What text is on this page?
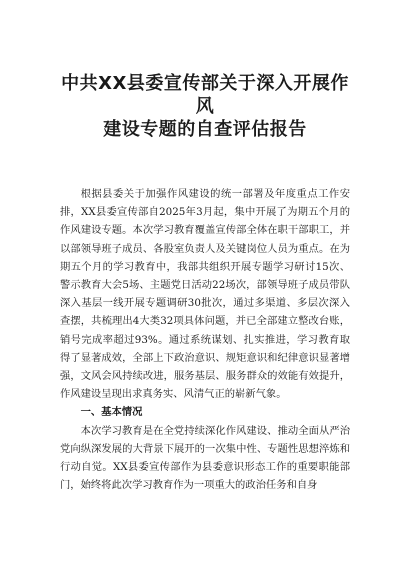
中共XX县委宣传部关于深入开展作风
建设专题的自查评估报告

根据县委关于加强作风建设的统一部署及年度重点工作安排，XX县委宣传部自2025年3月起，集中开展了为期五个月的作风建设专题。本次学习教育覆盖宣传部全体在职干部职工，并以部领导班子成员、各股室负责人及关键岗位人员为重点。在为期五个月的学习教育中，我部共组织开展专题学习研讨15次、警示教育大会5场、主题党日活动22场次，部领导班子成员带队深入基层一线开展专题调研30批次，通过多渠道、多层次深入查摆，共梳理出4大类32项具体问题，并已全部建立整改台账，销号完成率超过93%。通过系统谋划、扎实推进，学习教育取得了显著成效，全部上下政治意识、规矩意识和纪律意识显著增强，文风会风持续改进，服务基层、服务群众的效能有效提升，作风建设呈现出求真务实、风清气正的崭新气象。

一、基本情况

本次学习教育是在全党持续深化作风建设、推动全面从严治党向纵深发展的大背景下展开的一次集中性、专题性思想淬炼和行动自觉。XX县委宣传部作为县委意识形态工作的重要职能部门，始终将此次学习教育作为一项重大的政治任务和自身
